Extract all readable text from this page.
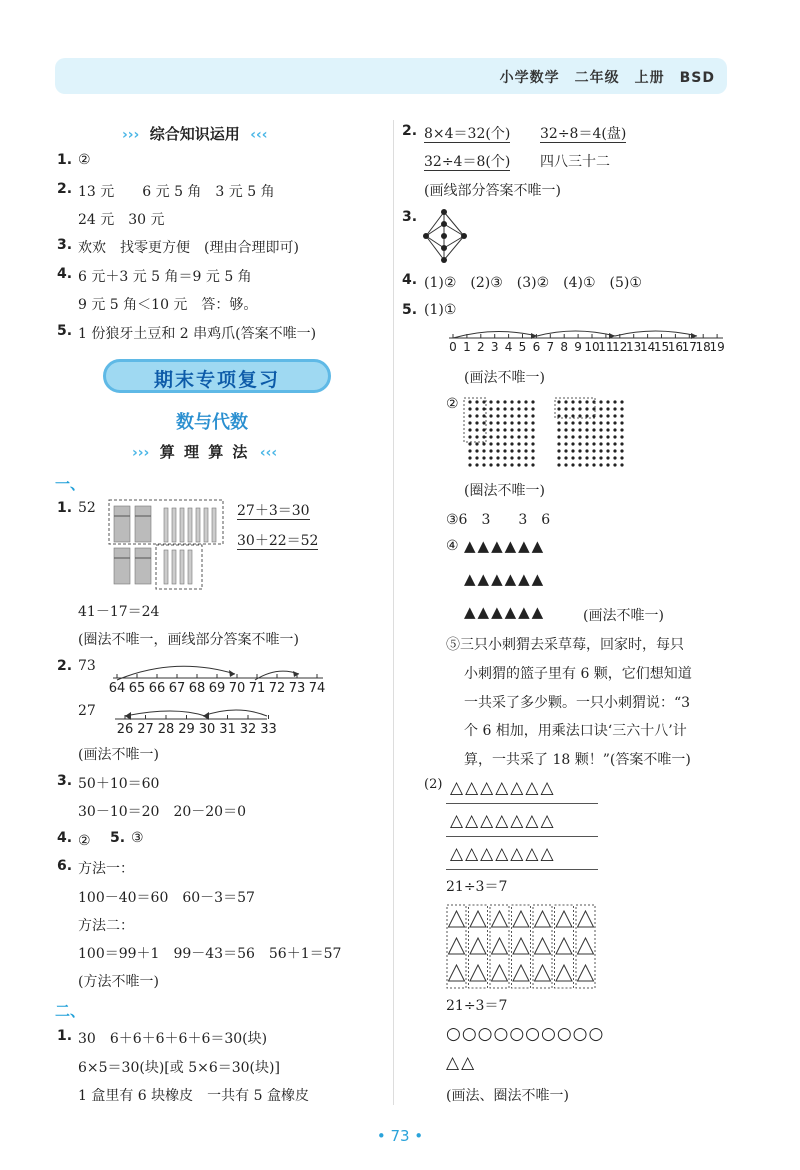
小学数学　二年级　上册　BSD
››› 综合知识运用 ‹‹‹
1. ②
2. 13 元　　6 元 5 角　3 元 5 角
24 元　30 元
3. 欢欢　找零更方便　(理由合理即可)
4. 6 元＋3 元 5 角＝9 元 5 角
9 元 5 角＜10 元　答：够。
5. 1 份狼牙土豆和 2 串鸡爪(答案不唯一)
期末专项复习
数与代数
››› 算 理 算 法 ‹‹‹
一、
1. 52	27＋3＝30
30＋22＝52
41－17＝24
(圈法不唯一，画线部分答案不唯一)
2. 73
64 65 66 67 68 69 70 71 72 73 74
27
26 27 28 29 30 31 32 33
(画法不唯一)
3. 50＋10＝60
30－10＝20　20－20＝0
4. ②　 5. ③
6. 方法一：
100－40＝60　60－3＝57
方法二：
100＝99＋1　99－43＝56　56＋1＝57
(方法不唯一)
二、
1. 30　6＋6＋6＋6＋6＝30(块)
6×5＝30(块)[或 5×6＝30(块)]
1 盒里有 6 块橡皮　一共有 5 盒橡皮
2. 8×4＝32(个) 32÷8＝4(盘)
32÷4＝8(个) 四八三十二
(画线部分答案不唯一)
3.
4. (1)②　(2)③　(3)②　(4)①　(5)①
5. (1)①
0 1 2 3 4 5 6 7 8 9 10
11
12
13
14
15
16
17
18
19
(画法不唯一)
②
(圈法不唯一)
③6　3　　3　6
④ ▲▲▲▲▲▲
▲▲▲▲▲▲
▲▲▲▲▲▲	(画法不唯一)
⑤三只小刺猬去采草莓，回家时，每只
小刺猬的篮子里有 6 颗，它们想知道
一共采了多少颗。一只小刺猬说：“3
个 6 相加，用乘法口诀‘三六十八’计
算，一共采了 18 颗！”(答案不唯一)
(2) △△△△△△△
△△△△△△△
△△△△△△△
21÷3＝7
21÷3＝7
○○○○○○○○○○
△△
(画法、圈法不唯一)
• 73 •
